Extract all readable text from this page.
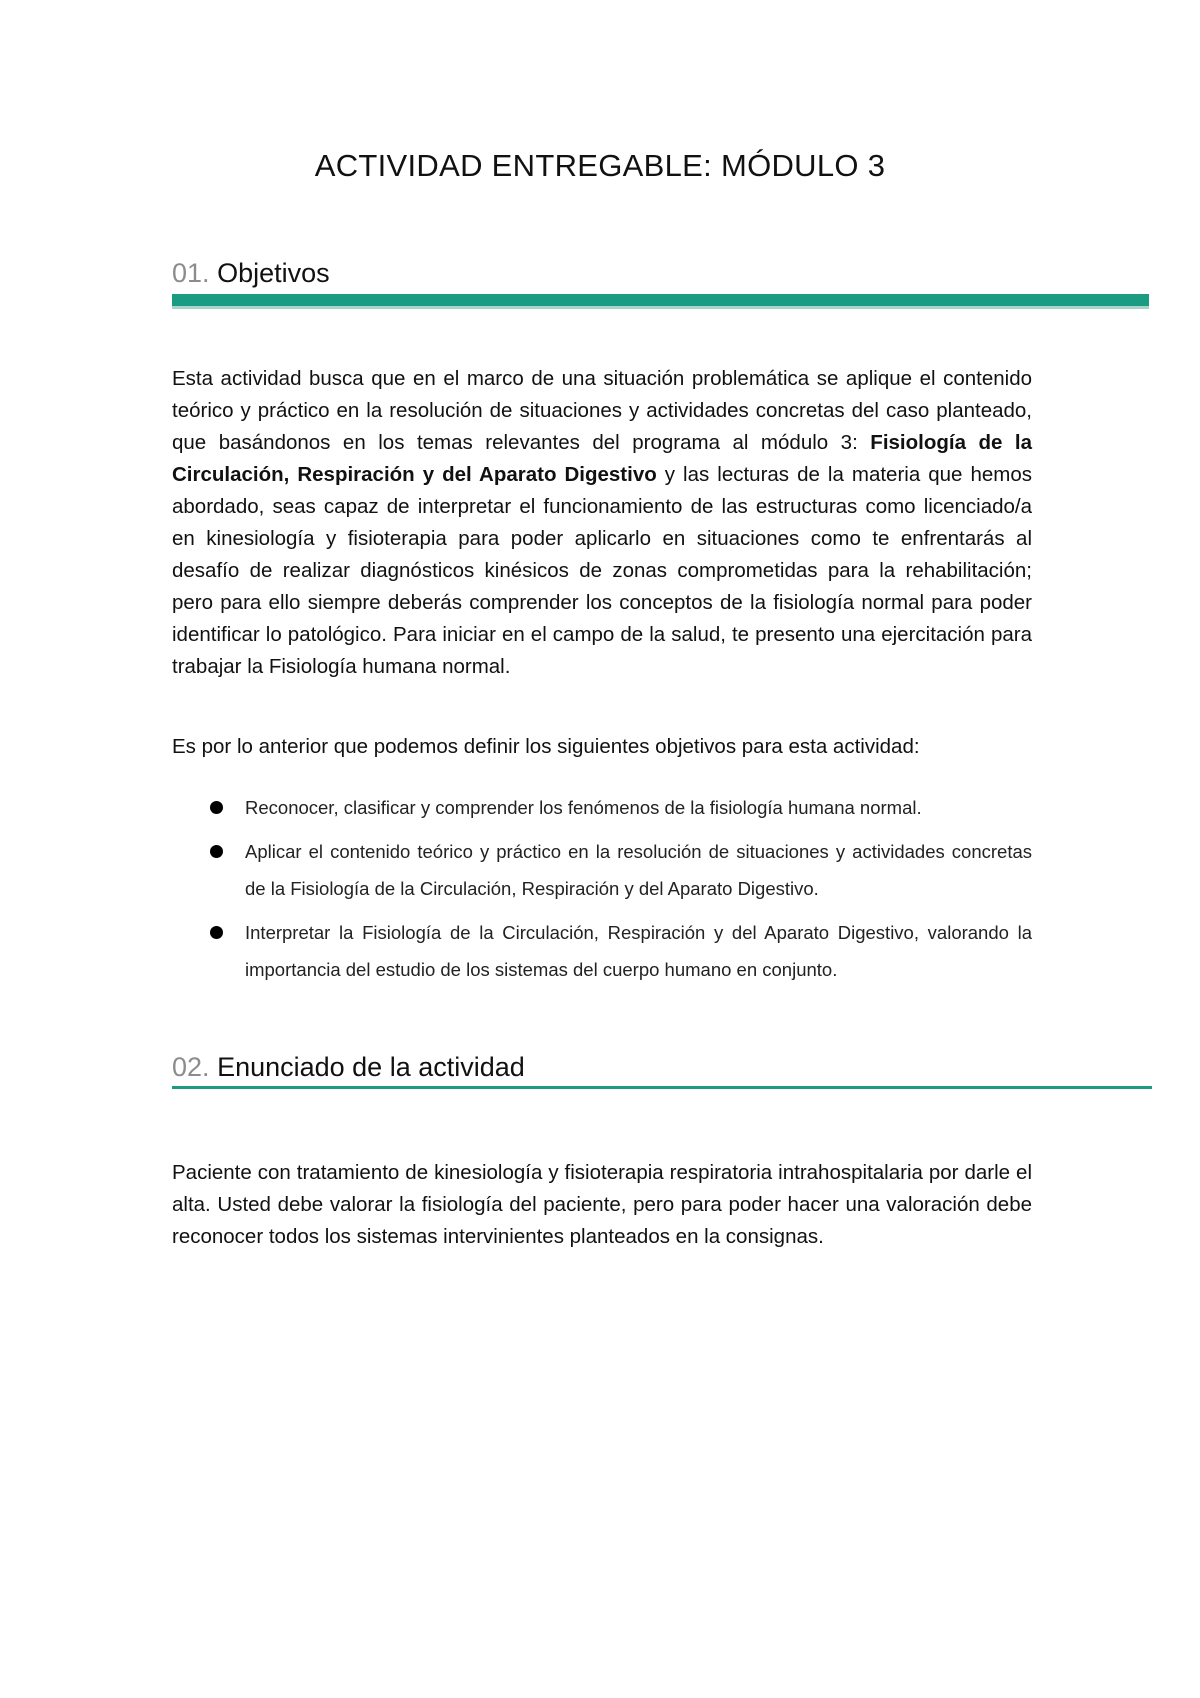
ACTIVIDAD ENTREGABLE: MÓDULO 3
01. Objetivos

Esta actividad busca que en el marco de una situación problemática se aplique el contenido teórico y práctico en la resolución de situaciones y actividades concretas del caso planteado, que basándonos en los temas relevantes del programa al módulo 3: Fisiología de la Circulación, Respiración y del Aparato Digestivo y las lecturas de la materia que hemos abordado, seas capaz de interpretar el funcionamiento de las estructuras como licenciado/a en kinesiología y fisioterapia para poder aplicarlo en situaciones como te enfrentarás al desafío de realizar diagnósticos kinésicos de zonas comprometidas para la rehabilitación; pero para ello siempre deberás comprender los conceptos de la fisiología normal para poder identificar lo patológico. Para iniciar en el campo de la salud, te presento una ejercitación para trabajar la Fisiología humana normal.

Es por lo anterior que podemos definir los siguientes objetivos para esta actividad:

Reconocer, clasificar y comprender los fenómenos de la fisiología humana normal.
Aplicar el contenido teórico y práctico en la resolución de situaciones y actividades concretas de la Fisiología de la Circulación, Respiración y del Aparato Digestivo.
Interpretar la Fisiología de la Circulación, Respiración y del Aparato Digestivo, valorando la importancia del estudio de los sistemas del cuerpo humano en conjunto.
02. Enunciado de la actividad

Paciente con tratamiento de kinesiología y fisioterapia respiratoria intrahospitalaria por darle el alta. Usted debe valorar la fisiología del paciente, pero para poder hacer una valoración debe reconocer todos los sistemas intervinientes planteados en la consignas.
